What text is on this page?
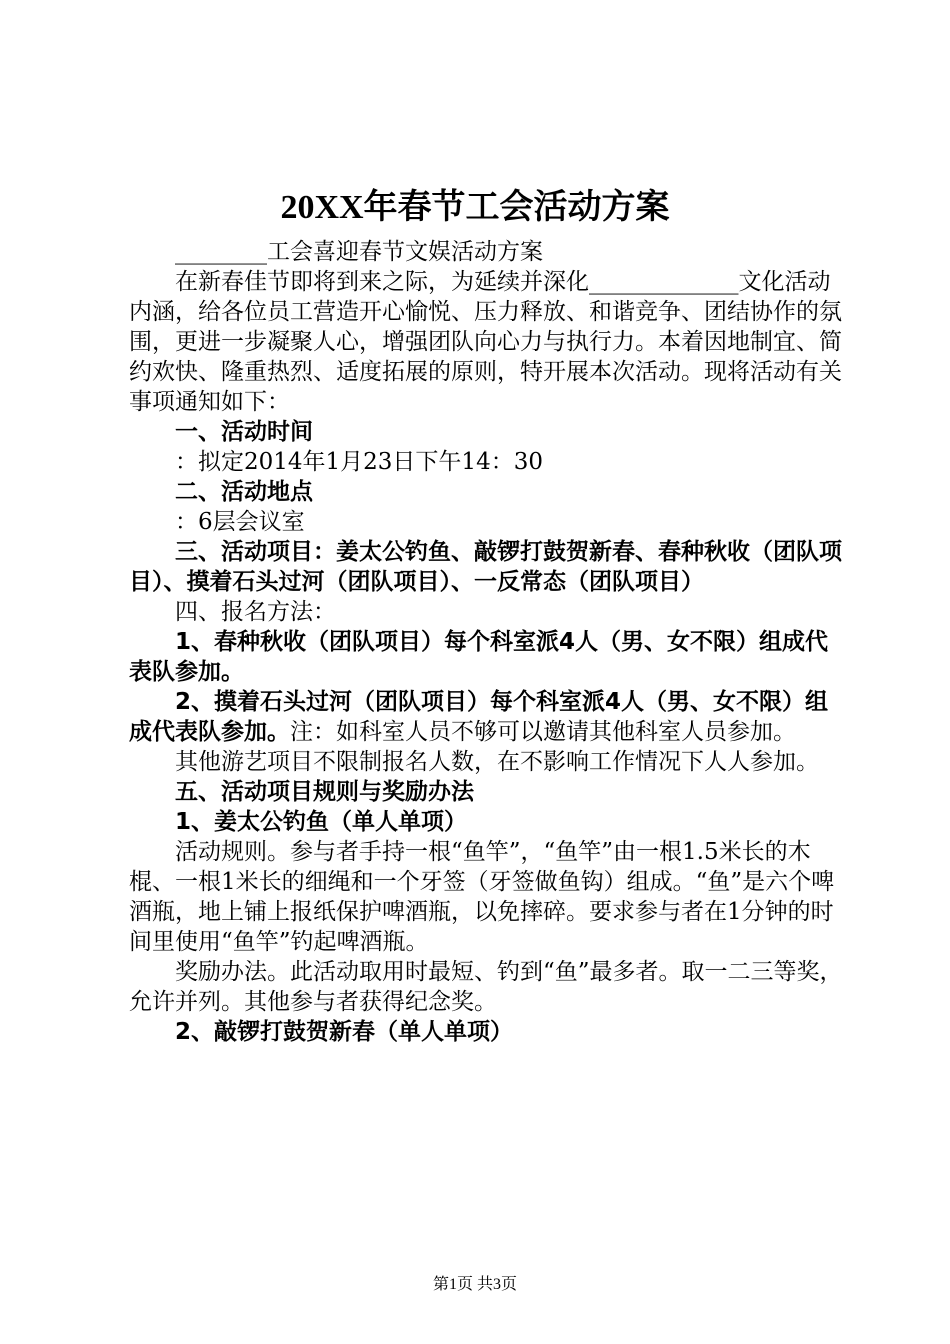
20XX年春节工会活动方案

________工会喜迎春节文娱活动方案

在新春佳节即将到来之际，为延续并深化_____________文化活动内涵，给各位员工营造开心愉悦、压力释放、和谐竞争、团结协作的氛围，更进一步凝聚人心，增强团队向心力与执行力。本着因地制宜、简约欢快、隆重热烈、适度拓展的原则，特开展本次活动。现将活动有关事项通知如下：

一、活动时间

：拟定2014年1月23日下午14：30

二、活动地点

：6层会议室

三、活动项目：姜太公钓鱼、敲锣打鼓贺新春、春种秋收（团队项目）、摸着石头过河（团队项目）、一反常态（团队项目）

四、报名方法：

1、春种秋收（团队项目）每个科室派4人（男、女不限）组成代表队参加。

2、摸着石头过河（团队项目）每个科室派4人（男、女不限）组成代表队参加。注：如科室人员不够可以邀请其他科室人员参加。

其他游艺项目不限制报名人数，在不影响工作情况下人人参加。

五、活动项目规则与奖励办法

1、姜太公钓鱼（单人单项）

活动规则。参与者手持一根“鱼竿”，“鱼竿”由一根1.5米长的木棍、一根1米长的细绳和一个牙签（牙签做鱼钩）组成。“鱼”是六个啤酒瓶，地上铺上报纸保护啤酒瓶，以免摔碎。要求参与者在1分钟的时间里使用“鱼竿”钓起啤酒瓶。

奖励办法。此活动取用时最短、钓到“鱼”最多者。取一二三等奖，允许并列。其他参与者获得纪念奖。

2、敲锣打鼓贺新春（单人单项）

第1页 共3页
